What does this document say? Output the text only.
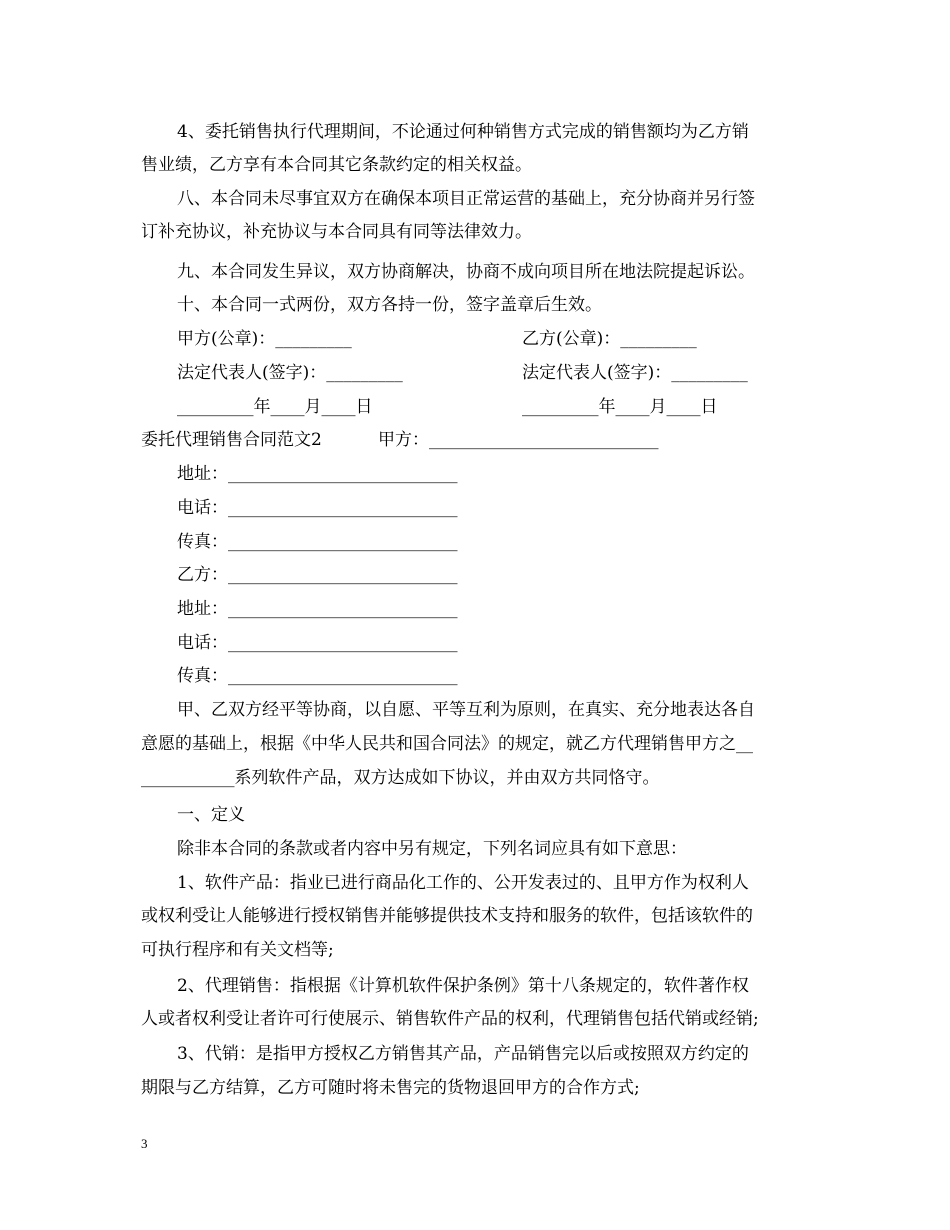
4、委托销售执行代理期间，不论通过何种销售方式完成的销售额均为乙方销
售业绩，乙方享有本合同其它条款约定的相关权益。
八、本合同未尽事宜双方在确保本项目正常运营的基础上，充分协商并另行签
订补充协议，补充协议与本合同具有同等法律效力。
九、本合同发生异议，双方协商解决，协商不成向项目所在地法院提起诉讼。
十、本合同一式两份，双方各持一份，签字盖章后生效。
甲方(公章)：_________	乙方(公章)：_________
法定代表人(签字)：_________	法定代表人(签字)：_________
_________年____月____日	_________年____月____日
委托代理销售合同范文2	甲方：___________________________
地址：___________________________
电话：___________________________
传真：___________________________
乙方：___________________________
地址：___________________________
电话：___________________________
传真：___________________________
甲、乙双方经平等协商，以自愿、平等互利为原则，在真实、充分地表达各自
意愿的基础上，根据《中华人民共和国合同法》的规定，就乙方代理销售甲方之__
___________系列软件产品，双方达成如下协议，并由双方共同恪守。
一、定义
除非本合同的条款或者内容中另有规定，下列名词应具有如下意思：
1、软件产品：指业已进行商品化工作的、公开发表过的、且甲方作为权利人
或权利受让人能够进行授权销售并能够提供技术支持和服务的软件，包括该软件的
可执行程序和有关文档等;
2、代理销售：指根据《计算机软件保护条例》第十八条规定的，软件著作权
人或者权利受让者许可行使展示、销售软件产品的权利，代理销售包括代销或经销;
3、代销：是指甲方授权乙方销售其产品，产品销售完以后或按照双方约定的
期限与乙方结算，乙方可随时将未售完的货物退回甲方的合作方式;
3
